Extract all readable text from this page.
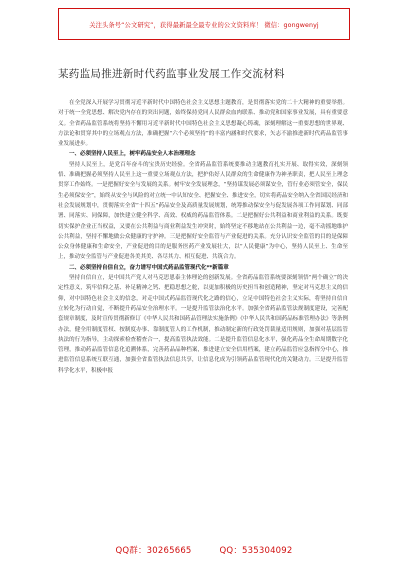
关注头条号“公文研究”，获得最新最全最专业的公文资料库！ 微信：gongwenyj
某药监局推进新时代药监事业发展工作交流材料

在全党深入开展学习贯彻习近平新时代中国特色社会主义思想主题教育，是贯彻落实党的二十大精神的重要举措。对于统一全党思想、解决党内存在的突出问题，始终保持党同人民群众血肉联系、推动党和国家事业发展，具有重要意义。全省药品监管系统将坚持不懈用习近平新时代中国特色社会主义思想凝心铸魂，深刻理解这一重要思想的世界观、方法论和贯穿其中的立场观点方法，准确把握“六个必须坚持”的丰富内涵和时代要求，矢志不渝推进新时代药品监管事业发展进步。

一、必须坚持人民至上，树牢药品安全人本治理理念

坚持人民至上，是党百年奋斗的宝贵历史经验。全省药品监管系统要推动主题教育扎实开展、取得实效，深刻领悟、准确把握必须坚持人民至上这一重要立场观点方法，把护佑好人民群众的生命健康作为神圣职责，把人民至上理念贯穿工作始终。一是把握好安全与发展的关系。树牢安全发展理念，“坚持谋发展必须谋安全，管行业必须管安全，保民生必须保安全”，始终从安全与风险的对立统一中认知安全、把握安全、推进安全，切实将药品安全纳入全省国民经济和社会发展规划中，贯彻落实全省“十四五”药品安全及高质量发展规划，统筹推动保安全与促发展各项工作同谋划、同部署、同落实、同保障，加快建立健全科学、高效、权威的药品监管体系。二是把握好公共利益和商业利益的关系。既要切实保护企业正当权益，又要在公共利益与商业利益发生冲突时，始终坚定不移地站在公共利益一边，毫不动摇地维护公共利益，坚持不懈地做公众健康的守护神。三是把握好安全监管与产业促进的关系。充分认识安全监管的目的是保障公众身体健康和生命安全，产业促进的目的是服务医药产业发展壮大，以“人民健康”为中心，坚持人民至上、生命至上，推动安全监管与产业促进各美其美、各尽其力、相互促进、共筑合力。

二、必须坚持自信自立，奋力谱写中国式药品监管现代化**新篇章

坚持自信自立，是中国共产党人对马克思恩泰主体理论的创新发展。全省药品监管系统要深刻领悟“两个确立”的决定性意义，筑牢信仰之基、补足精神之钙、把稳思想之舵，以更加积极的历史担当和创造精神，坚定对马克思主义的信仰，对中国特色社会主义的信念，对走中国式药品监管现代化之路的信心，立足中国特色社会主义实际，将坚持自信自立转化为行动自觉，不断提升药品安全治理水平。一是提升监管法治化水平。加强全省药品监管法规制度建设，完善配套规章制度，及时宣传贯彻新修订《中华人民共和国药品管理法实施条例》《中华人民共和国药品标准管理办法》等条例办法，健全用制度管权、按制度办事、靠制度管人的工作机制，推动制定新的行政处罚裁量适用规则，加强对基层监管执法的行为指导，主动探索检查稽查合一，提高监管执法效能。二是提升监管信息化水平，强化药品全生命周期数字化管理，推动药品监管信息化追溯体系，完善药品品种档案，推进建立安全信用档案，建立药品监管应急指挥分中心，推进监管信息系统互联互通，加强全省监管执法信息共享，让信息化成为引领药品监管现代化的关键动力。三是提升监管科学化水平，积极申报

QQ群：30265665	QQ：535304092
